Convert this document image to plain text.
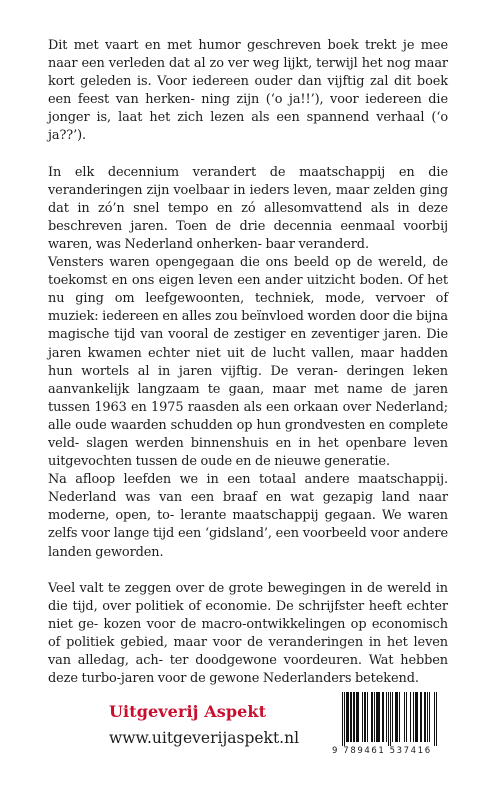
Dit met vaart en met humor geschreven boek trekt je mee naar een verleden dat al zo ver weg lijkt, terwijl het nog maar kort geleden is. Voor iedereen ouder dan vijftig zal dit boek een feest van herken- ning zijn (‘o ja!!’), voor iedereen die jonger is, laat het zich lezen als een spannend verhaal (‘o ja??’).

In elk decennium verandert de maatschappij en die veranderingen zijn voelbaar in ieders leven, maar zelden ging dat in zó’n snel tempo en zó allesomvattend als in deze beschreven jaren. Toen de drie decennia eenmaal voorbij waren, was Nederland onherken- baar veranderd.

Vensters waren opengegaan die ons beeld op de wereld, de toekomst en ons eigen leven een ander uitzicht boden. Of het nu ging om leefgewoonten, techniek, mode, vervoer of muziek: iedereen en alles zou beïnvloed worden door die bijna magische tijd van vooral de zestiger en zeventiger jaren. Die jaren kwamen echter niet uit de lucht vallen, maar hadden hun wortels al in jaren vijftig. De veran- deringen leken aanvankelijk langzaam te gaan, maar met name de jaren tussen 1963 en 1975 raasden als een orkaan over Nederland; alle oude waarden schudden op hun grondvesten en complete veld- slagen werden binnenshuis en in het openbare leven uitgevochten tussen de oude en de nieuwe generatie.

Na afloop leefden we in een totaal andere maatschappij. Nederland was van een braaf en wat gezapig land naar moderne, open, to- lerante maatschappij gegaan. We waren zelfs voor lange tijd een ‘gidsland’, een voorbeeld voor andere landen geworden.

Veel valt te zeggen over de grote bewegingen in de wereld in die tijd, over politiek of economie. De schrijfster heeft echter niet ge- kozen voor de macro-ontwikkelingen op economisch of politiek gebied, maar voor de veranderingen in het leven van alledag, ach- ter doodgewone voordeuren. Wat hebben deze turbo-jaren voor de gewone Nederlanders betekend.

Uitgeverij Aspekt
www.uitgeverijaspekt.nl
9 789461 537416
